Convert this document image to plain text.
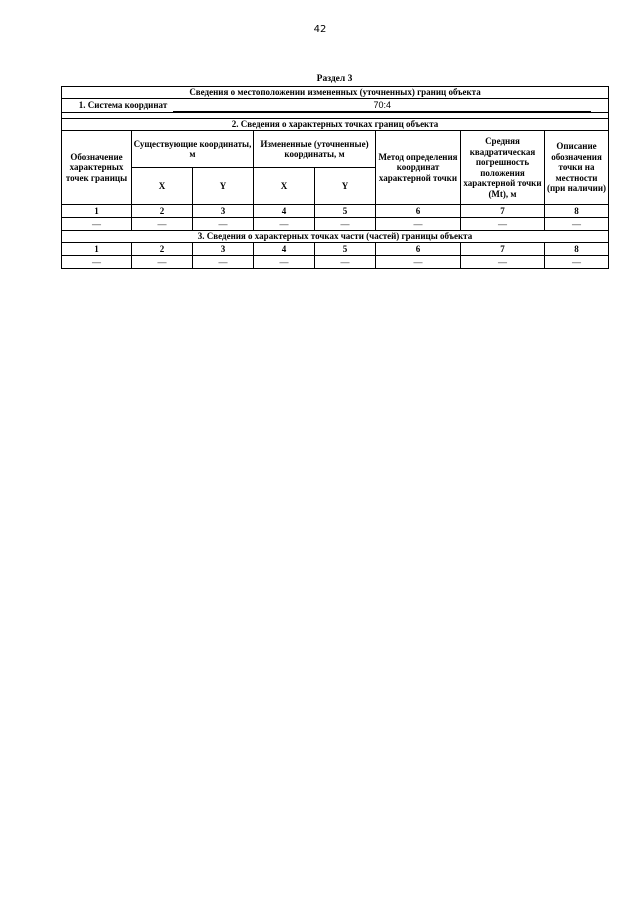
42
Раздел 3
Сведения о местоположении измененных (уточненных) границ объекта							
1. Система координат 70:4							

2. Сведения о характерных точках границ объекта							
Обозначение характерных точек границы	Существующие координаты, м		Измененные (уточненные) координаты, м		Метод определения координат характерной точки	Средняя квадратическая погрешность положения характерной точки (Mt), м	Описание обозначения точки на местности (при наличии)
	X	Y	X	Y			
1	2	3	4	5	6	7	8
—	—	—	—	—	—	—	—
3. Сведения о характерных точках части (частей) границы объекта							
1	2	3	4	5	6	7	8
—	—	—	—	—	—	—	—
